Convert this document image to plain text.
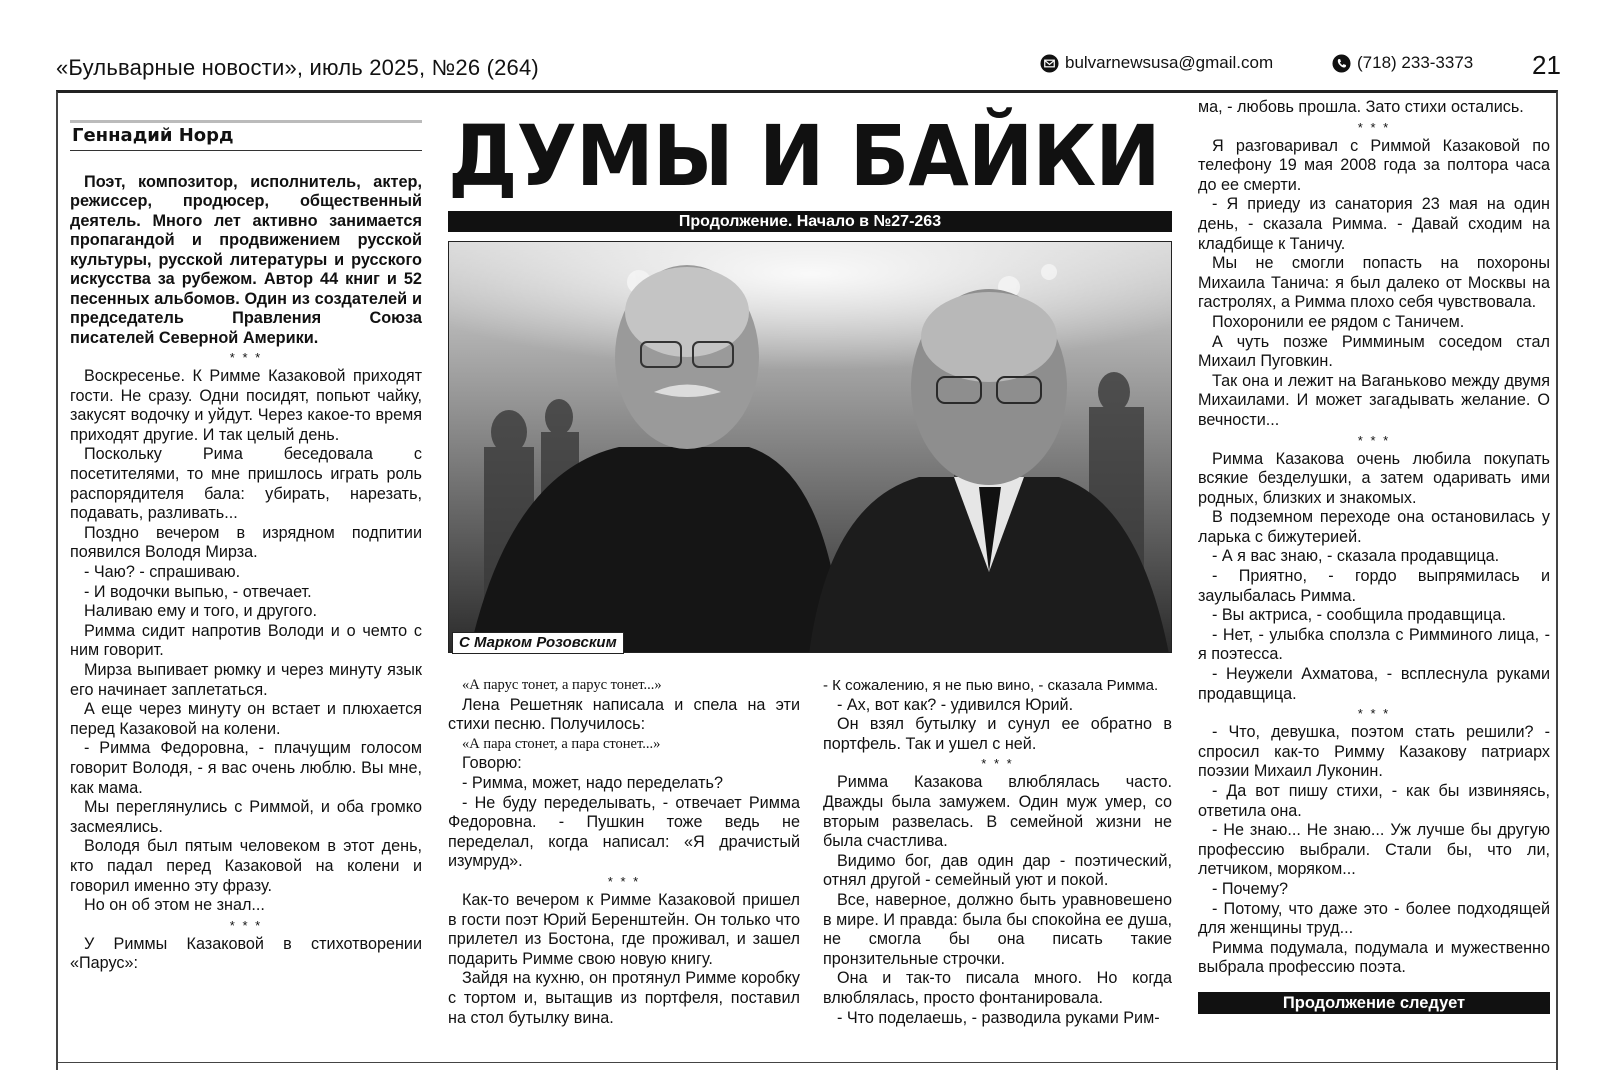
«Бульварные новости», июль 2025, №26 (264)	bulvarnewsusa@gmail.com	(718) 233-3373 21
Геннадий Норд

Поэт, композитор, исполнитель, актер, режиссер, продюсер, общественный деятель. Много лет активно занимается пропагандой и продвижением русской культуры, русской литературы и русского искусства за рубежом. Автор 44 книг и 52 песенных альбомов. Один из создателей и председатель Правления Союза писателей Северной Америки.

* * *

Воскресенье. К Римме Казаковой приходят гости. Не сразу. Одни посидят, попьют чайку, закусят водочку и уйдут. Через какое-то время приходят другие. И так целый день.

Поскольку Рима беседовала с посетителями, то мне пришлось играть роль распорядителя бала: убирать, нарезать, подавать, разливать...

Поздно вечером в изрядном подпитии появился Володя Мирза.

- Чаю? - спрашиваю.

- И водочки выпью, - отвечает.

Наливаю ему и того, и другого.

Римма сидит напротив Володи и о чемто с ним говорит.

Мирза выпивает рюмку и через минуту язык его начинает заплетаться.

А еще через минуту он встает и плюхается перед Казаковой на колени.

- Римма Федоровна, - плачущим голосом говорит Володя, - я вас очень люблю. Вы мне, как мама.

Мы переглянулись с Риммой, и оба громко засмеялись.

Володя был пятым человеком в этот день, кто падал перед Казаковой на колени и говорил именно эту фразу.

Но он об этом не знал...

* * *

У Риммы Казаковой в стихотворении «Парус»:

ДУМЫ И БАЙКИ
Продолжение. Начало в №27-263
С Марком Розовским

«А парус тонет, а парус тонет...»

Лена Решетняк написала и спела на эти стихи песню. Получилось:

«А пара стонет, а пара стонет...»

Говорю:

- Римма, может, надо переделать?

- Не буду переделывать, - отвечает Римма Федоровна. - Пушкин тоже ведь не переделал, когда написал: «Я драчистый изумруд».

* * *

Как-то вечером к Римме Казаковой пришел в гости поэт Юрий Беренштейн. Он только что прилетел из Бостона, где проживал, и зашел подарить Римме свою новую книгу.

Зайдя на кухню, он протянул Римме коробку с тортом и, вытащив из портфеля, поставил на стол бутылку вина.

- К сожалению, я не пью вино, - сказала Римма.

- Ах, вот как? - удивился Юрий.

Он взял бутылку и сунул ее обратно в портфель. Так и ушел с ней.

* * *

Римма Казакова влюблялась часто. Дважды была замужем. Один муж умер, со вторым развелась. В семейной жизни не была счастлива.

Видимо бог, дав один дар - поэтический, отнял другой - семейный уют и покой.

Все, наверное, должно быть уравновешено в мире. И правда: была бы спокойна ее душа, не смогла бы она писать такие пронзительные строчки.

Она и так-то писала много. Но когда влюблялась, просто фонтанировала.

- Что поделаешь, - разводила руками Рим-

ма, - любовь прошла. Зато стихи остались.

* * *

Я разговаривал с Риммой Казаковой по телефону 19 мая 2008 года за полтора часа до ее смерти.

- Я приеду из санатория 23 мая на один день, - сказала Римма. - Давай сходим на кладбище к Таничу.

Мы не смогли попасть на похороны Михаила Танича: я был далеко от Москвы на гастролях, а Римма плохо себя чувствовала.

Похоронили ее рядом с Таничем.

А чуть позже Римминым соседом стал Михаил Пуговкин.

Так она и лежит на Ваганьково между двумя Михаилами. И может загадывать желание. О вечности...

* * *

Римма Казакова очень любила покупать всякие безделушки, а затем одаривать ими родных, близких и знакомых.

В подземном переходе она остановилась у ларька с бижутерией.

- А я вас знаю, - сказала продавщица.

- Приятно, - гордо выпрямилась и заулыбалась Римма.

- Вы актриса, - сообщила продавщица.

- Нет, - улыбка сползла с Римминого лица, - я поэтесса.

- Неужели Ахматова, - всплеснула руками продавщица.

* * *

- Что, девушка, поэтом стать решили? - спросил как-то Римму Казакову патриарх поэзии Михаил Луконин.

- Да вот пишу стихи, - как бы извиняясь, ответила она.

- Не знаю... Не знаю... Уж лучше бы другую профессию выбрали. Стали бы, что ли, летчиком, моряком...

- Почему?

- Потому, что даже это - более подходящей для женщины труд...

Римма подумала, подумала и мужественно выбрала профессию поэта.

Продолжение следует
